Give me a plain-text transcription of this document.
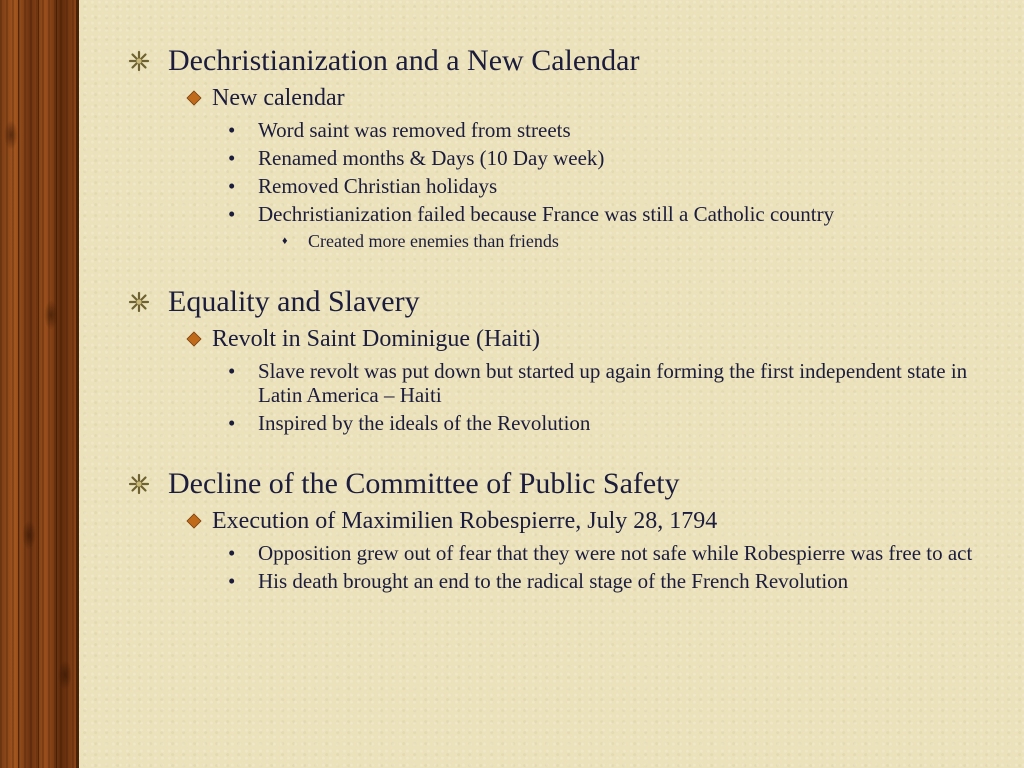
Dechristianization and a New Calendar
New calendar
•	Word saint was removed from streets
•	Renamed months & Days (10 Day week)
•	Removed Christian holidays
•	Dechristianization failed because France was still a Catholic country
♦	Created more enemies than friends
Equality and Slavery
Revolt in Saint Dominigue (Haiti)
•	Slave revolt was put down but started up again forming the first independent state in Latin America – Haiti
•	Inspired by the ideals of the Revolution
Decline of the Committee of Public Safety
Execution of Maximilien Robespierre, July 28, 1794
•	Opposition grew out of fear that they were not safe while Robespierre was free to act
•	His death brought an end to the radical stage of the French Revolution
